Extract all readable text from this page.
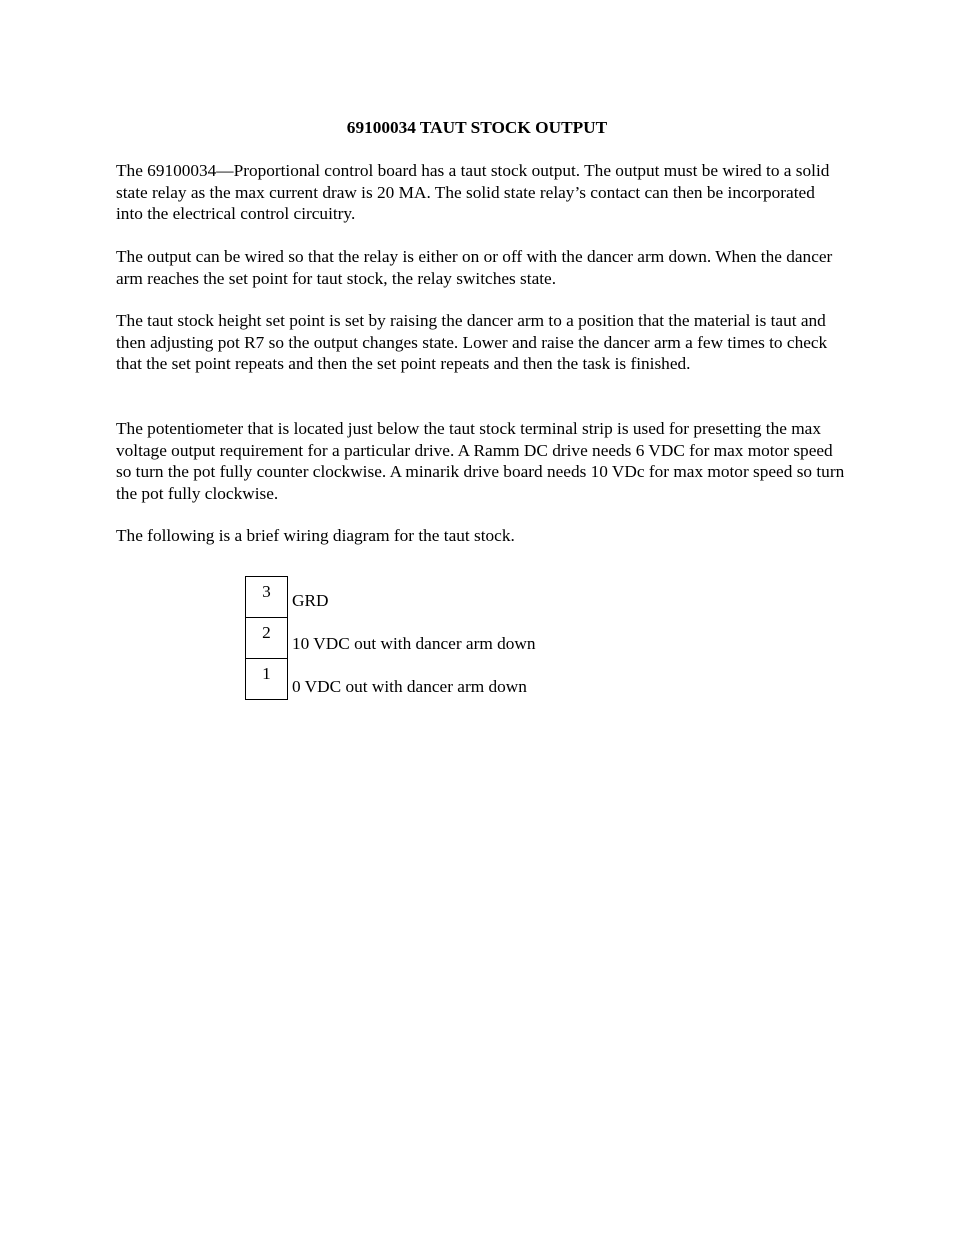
69100034 TAUT STOCK OUTPUT

The 69100034—Proportional control board has a taut stock output. The output must be wired to a solid state relay as the max current draw is 20 MA. The solid state relay’s contact can then be incorporated into the electrical control circuitry.

The output can be wired so that the relay is either on or off with the dancer arm down. When the dancer arm reaches the set point for taut stock, the relay switches state.

The taut stock height set point is set by raising the dancer arm to a position that the material is taut and then adjusting pot R7 so the output changes state. Lower and raise the dancer arm a few times to check that the set point repeats and then the set point repeats and then the task is finished.

The potentiometer that is located just below the taut stock terminal strip is used for presetting the max voltage output requirement for a particular drive. A Ramm DC drive needs 6 VDC for max motor speed so turn the pot fully counter clockwise. A minarik drive board needs 10 VDc for max motor speed so turn the pot fully clockwise.

The following is a brief wiring diagram for the taut stock.

3
2
1
GRD
10 VDC out with dancer arm down
0 VDC out with dancer arm down
